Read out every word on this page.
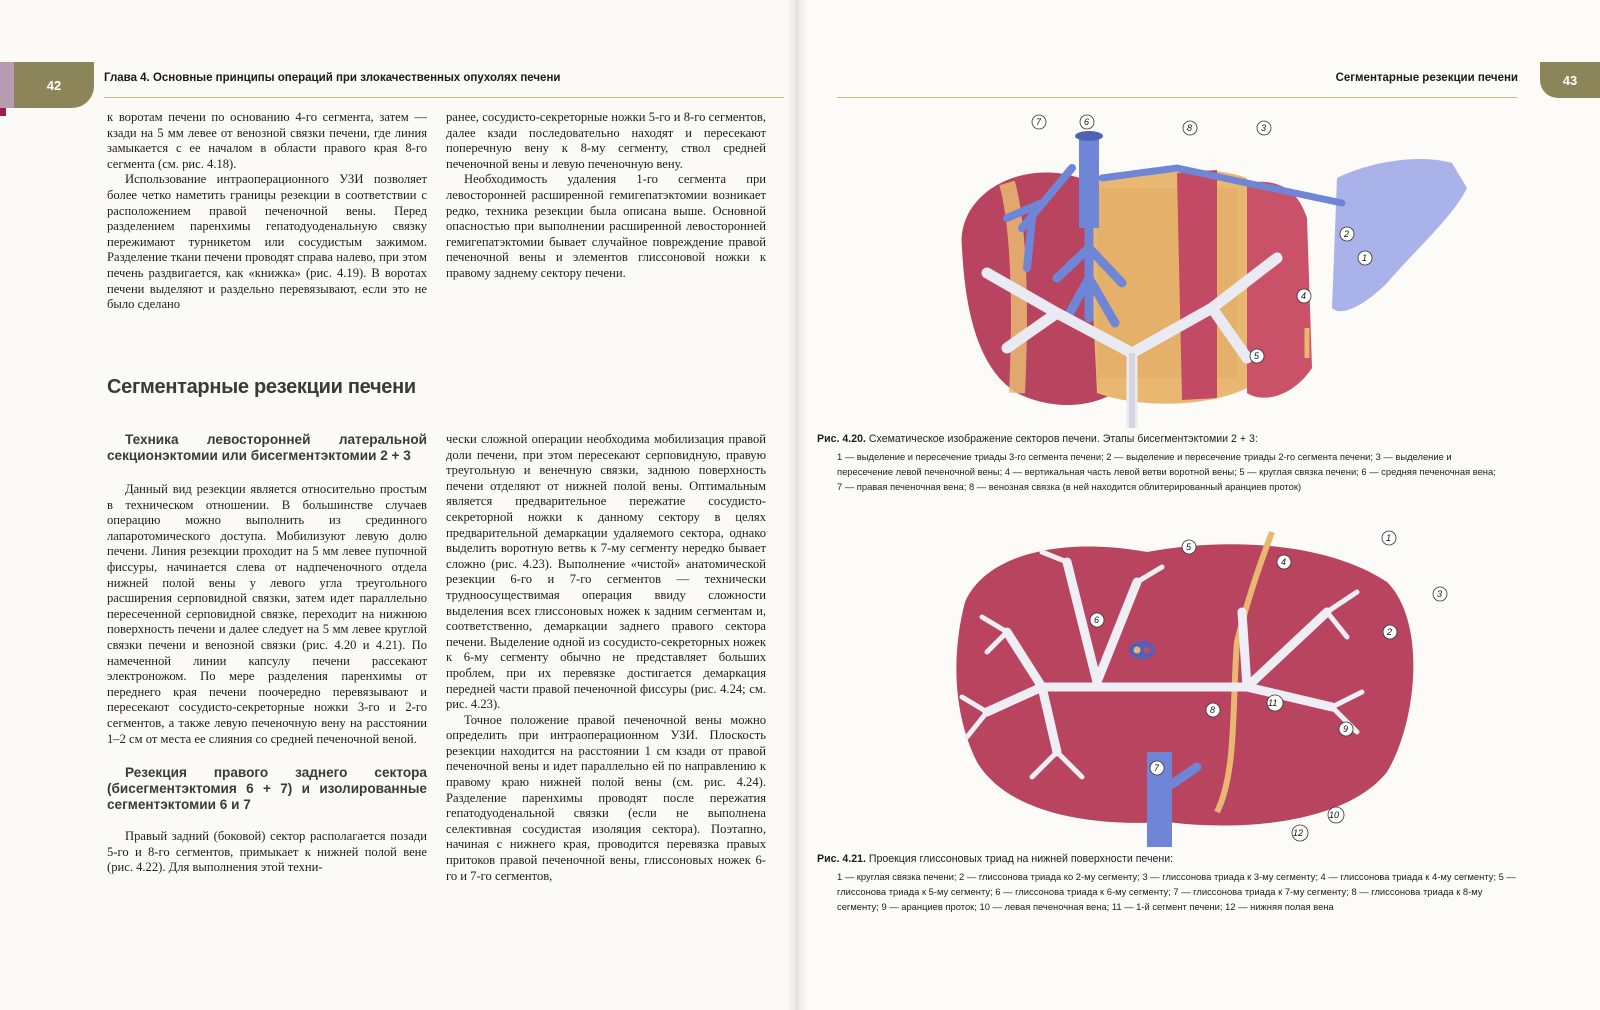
42	Глава 4. Основные принципы операций при злокачественных опухолях печени

к воротам печени по основанию 4-го сегмента, затем — кзади на 5 мм левее от венозной связки печени, где линия замыкается с ее началом в области правого края 8-го сегмента (см. рис. 4.18).

Использование интраоперационного УЗИ позволяет более четко наметить границы резекции в соответствии с расположением правой печеночной вены. Перед разделением паренхимы гепатодуоденальную связку пережимают турникетом или сосудистым зажимом. Разделение ткани печени проводят справа налево, при этом печень раздвигается, как «книжка» (рис. 4.19). В воротах печени выделяют и раздельно перевязывают, если это не было сделано

ранее, сосудисто-секреторные ножки 5-го и 8-го сегментов, далее кзади последовательно находят и пересекают поперечную вену к 8-му сегменту, ствол средней печеночной вены и левую печеночную вену.

Необходимость удаления 1-го сегмента при левосторонней расширенной гемигепатэктомии возникает редко, техника резекции была описана выше. Основной опасностью при выполнении расширенной левосторонней гемигепатэктомии бывает случайное повреждение правой печеночной вены и элементов глиссоновой ножки к правому заднему сектору печени.

Сегментарные резекции печени

Техника левосторонней латеральной секционэктомии или бисегментэктомии 2 + 3

Данный вид резекции является относительно простым в техническом отношении. В большинстве случаев операцию можно выполнить из срединного лапаротомического доступа. Мобилизуют левую долю печени. Линия резекции проходит на 5 мм левее пупочной фиссуры, начинается слева от надпеченочного отдела нижней полой вены у левого угла треугольного расширения серповидной связки, затем идет параллельно пересеченной серповидной связке, переходит на нижнюю поверхность печени и далее следует на 5 мм левее круглой связки печени и венозной связки (рис. 4.20 и 4.21). По намеченной линии капсулу печени рассекают электроножом. По мере разделения паренхимы от переднего края печени поочередно перевязывают и пересекают сосудисто-секреторные ножки 3-го и 2-го сегментов, а также левую печеночную вену на расстоянии 1–2 см от места ее слияния со средней печеночной веной.

Резекция правого заднего сектора (бисегментэктомия 6 + 7) и изолированные сегментэктомии 6 и 7

Правый задний (боковой) сектор располагается позади 5-го и 8-го сегментов, примыкает к нижней полой вене (рис. 4.22). Для выполнения этой техни-

чески сложной операции необходима мобилизация правой доли печени, при этом пересекают серповидную, правую треугольную и венечную связки, заднюю поверхность печени отделяют от нижней полой вены. Оптимальным является предварительное пережатие сосудисто-секреторной ножки к данному сектору в целях предварительной демаркации удаляемого сектора, однако выделить воротную ветвь к 7-му сегменту нередко бывает сложно (рис. 4.23). Выполнение «чистой» анатомической резекции 6-го и 7-го сегментов — технически трудноосуществимая операция ввиду сложности выделения всех глиссоновых ножек к задним сегментам и, соответственно, демаркации заднего правого сектора печени. Выделение одной из сосудисто-секреторных ножек к 6-му сегменту обычно не представляет больших проблем, при их перевязке достигается демаркация передней части правой печеночной фиссуры (рис. 4.24; см. рис. 4.23).

Точное положение правой печеночной вены можно определить при интраоперационном УЗИ. Плоскость резекции находится на расстоянии 1 см кзади от правой печеночной вены и идет параллельно ей по направлению к правому краю нижней полой вены (см. рис. 4.24). Разделение паренхимы проводят после пережатия гепатодуоденальной связки (если не выполнена селективная сосудистая изоляция сектора). Поэтапно, начиная с нижнего края, проводится перевязка правых притоков правой печеночной вены, глиссоновых ножек 6-го и 7-го сегментов,

43
Сегментарные резекции печени
7	6
8	3
2
1
4
5
Рис. 4.20. Схематическое изображение секторов печени. Этапы бисегментэктомии 2 + 3:
1 — выделение и пересечение триады 3-го сегмента печени; 2 — выделение и пересечение триады 2-го сегмента печени; 3 — выделение и пересечение левой печеночной вены; 4 — вертикальная часть левой ветви воротной вены; 5 — круглая связка печени; 6 — средняя печеночная вена; 7 — правая печеночная вена; 8 — венозная связка (в ней находится облитерированный аранциев проток)
1
2
3
4
5
6
7
8
9
10
11
12
Рис. 4.21. Проекция глиссоновых триад на нижней поверхности печени:
1 — круглая связка печени; 2 — глиссонова триада ко 2-му сегменту; 3 — глиссонова триада к 3-му сегменту; 4 — глиссонова триада к 4-му сегменту; 5 — глиссонова триада к 5-му сегменту; 6 — глиссонова триада к 6-му сегменту; 7 — глиссонова триада к 7-му сегменту; 8 — глиссонова триада к 8-му сегменту; 9 — аранциев проток; 10 — левая печеночная вена; 11 — 1-й сегмент печени; 12 — нижняя полая вена
